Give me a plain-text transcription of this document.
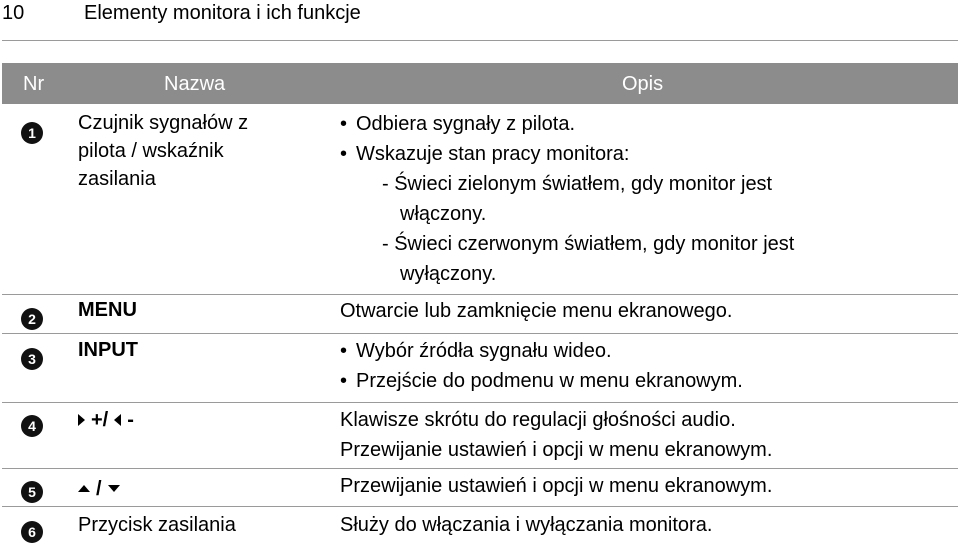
10	Elementy monitora i ich funkcje
Nr	Nazwa	Opis
1	Czujnik sygnałów z
pilota / wskaźnik
zasilania
• Odbiera sygnały z pilota.
• Wskazuje stan pracy monitora:
- Świeci zielonym światłem, gdy monitor jest
włączony.
- Świeci czerwonym światłem, gdy monitor jest
wyłączony.
2	MENU	Otwarcie lub zamknięcie menu ekranowego.
3	INPUT
•	Wybór źródła sygnału wideo.
• Przejście do podmenu w menu ekranowym.
4	+/ -	Klawisze skrótu do regulacji głośności audio.
Przewijanie ustawień i opcji w menu ekranowym.
5	/	Przewijanie ustawień i opcji w menu ekranowym.
6	Przycisk zasilania	Służy do włączania i wyłączania monitora.
